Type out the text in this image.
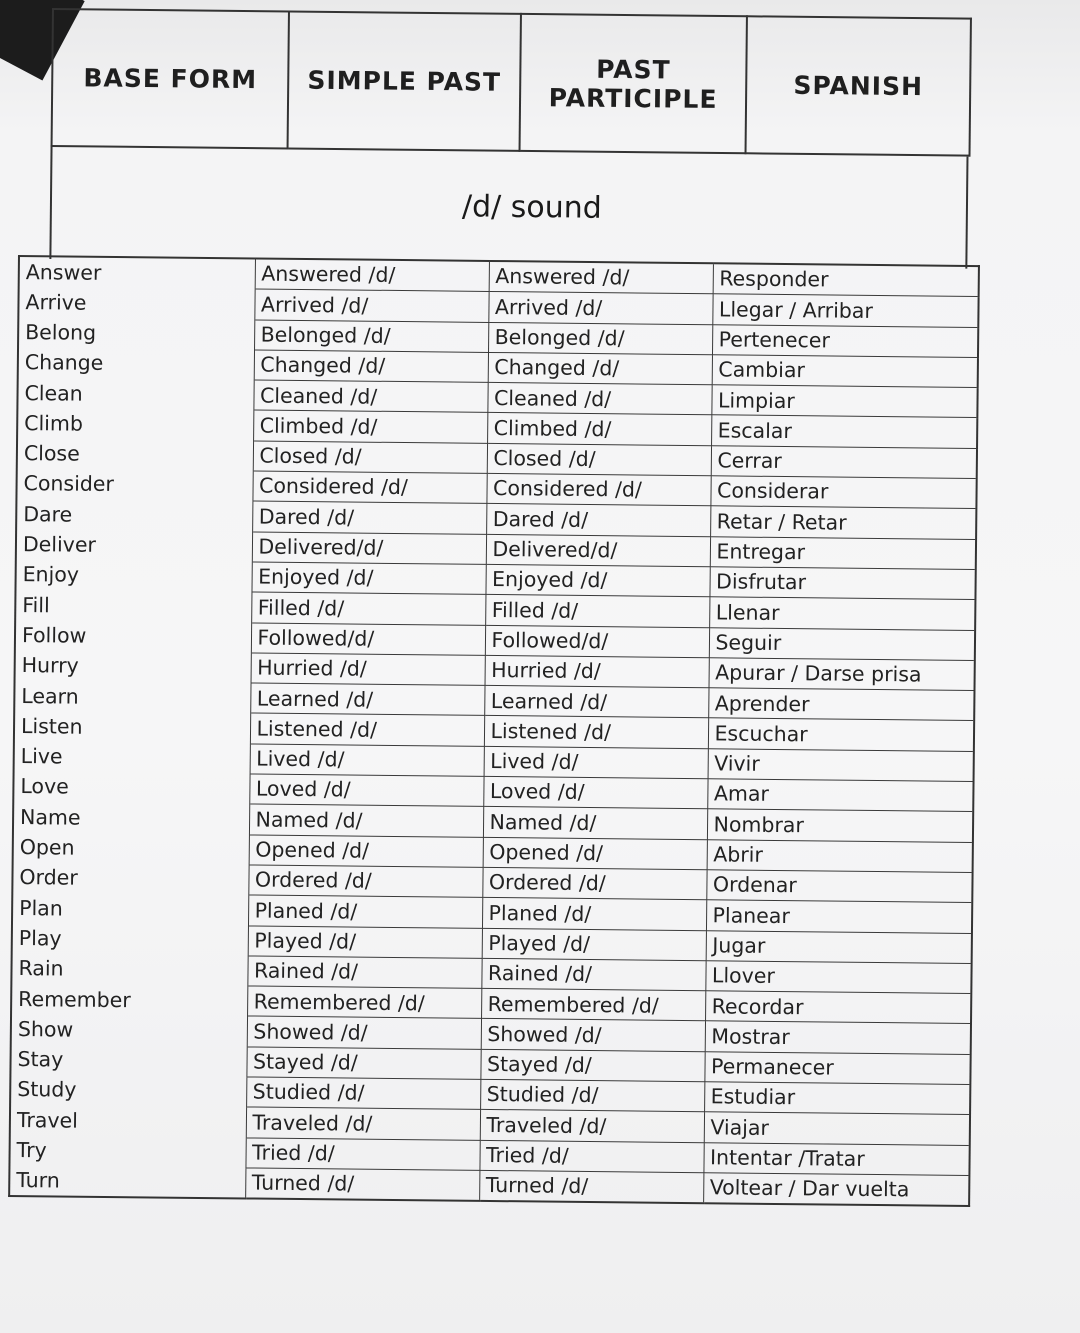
BASE FORM	SIMPLE PAST	PAST PARTICIPLE	SPANISH
/d/ sound
Answer	Answered /d/	Answered /d/	Responder
Arrive	Arrived /d/	Arrived /d/	Llegar / Arribar
Belong	Belonged /d/	Belonged /d/	Pertenecer
Change	Changed /d/	Changed /d/	Cambiar
Clean	Cleaned /d/	Cleaned /d/	Limpiar
Climb	Climbed /d/	Climbed /d/	Escalar
Close	Closed /d/	Closed /d/	Cerrar
Consider	Considered /d/	Considered /d/	Considerar
Dare	Dared /d/	Dared /d/	Retar / Retar
Deliver	Delivered/d/	Delivered/d/	Entregar
Enjoy	Enjoyed /d/	Enjoyed /d/	Disfrutar
Fill	Filled /d/	Filled /d/	Llenar
Follow	Followed/d/	Followed/d/	Seguir
Hurry	Hurried /d/	Hurried /d/	Apurar / Darse prisa
Learn	Learned /d/	Learned /d/	Aprender
Listen	Listened /d/	Listened /d/	Escuchar
Live	Lived /d/	Lived /d/	Vivir
Love	Loved /d/	Loved /d/	Amar
Name	Named /d/	Named /d/	Nombrar
Open	Opened /d/	Opened /d/	Abrir
Order	Ordered /d/	Ordered /d/	Ordenar
Plan	Planed /d/	Planed /d/	Planear
Play	Played /d/	Played /d/	Jugar
Rain	Rained /d/	Rained /d/	Llover
Remember	Remembered /d/	Remembered /d/	Recordar
Show	Showed /d/	Showed /d/	Mostrar
Stay	Stayed /d/	Stayed /d/	Permanecer
Study	Studied /d/	Studied /d/	Estudiar
Travel	Traveled /d/	Traveled /d/	Viajar
Try	Tried /d/	Tried /d/	Intentar /Tratar
Turn	Turned /d/	Turned /d/	Voltear / Dar vuelta
